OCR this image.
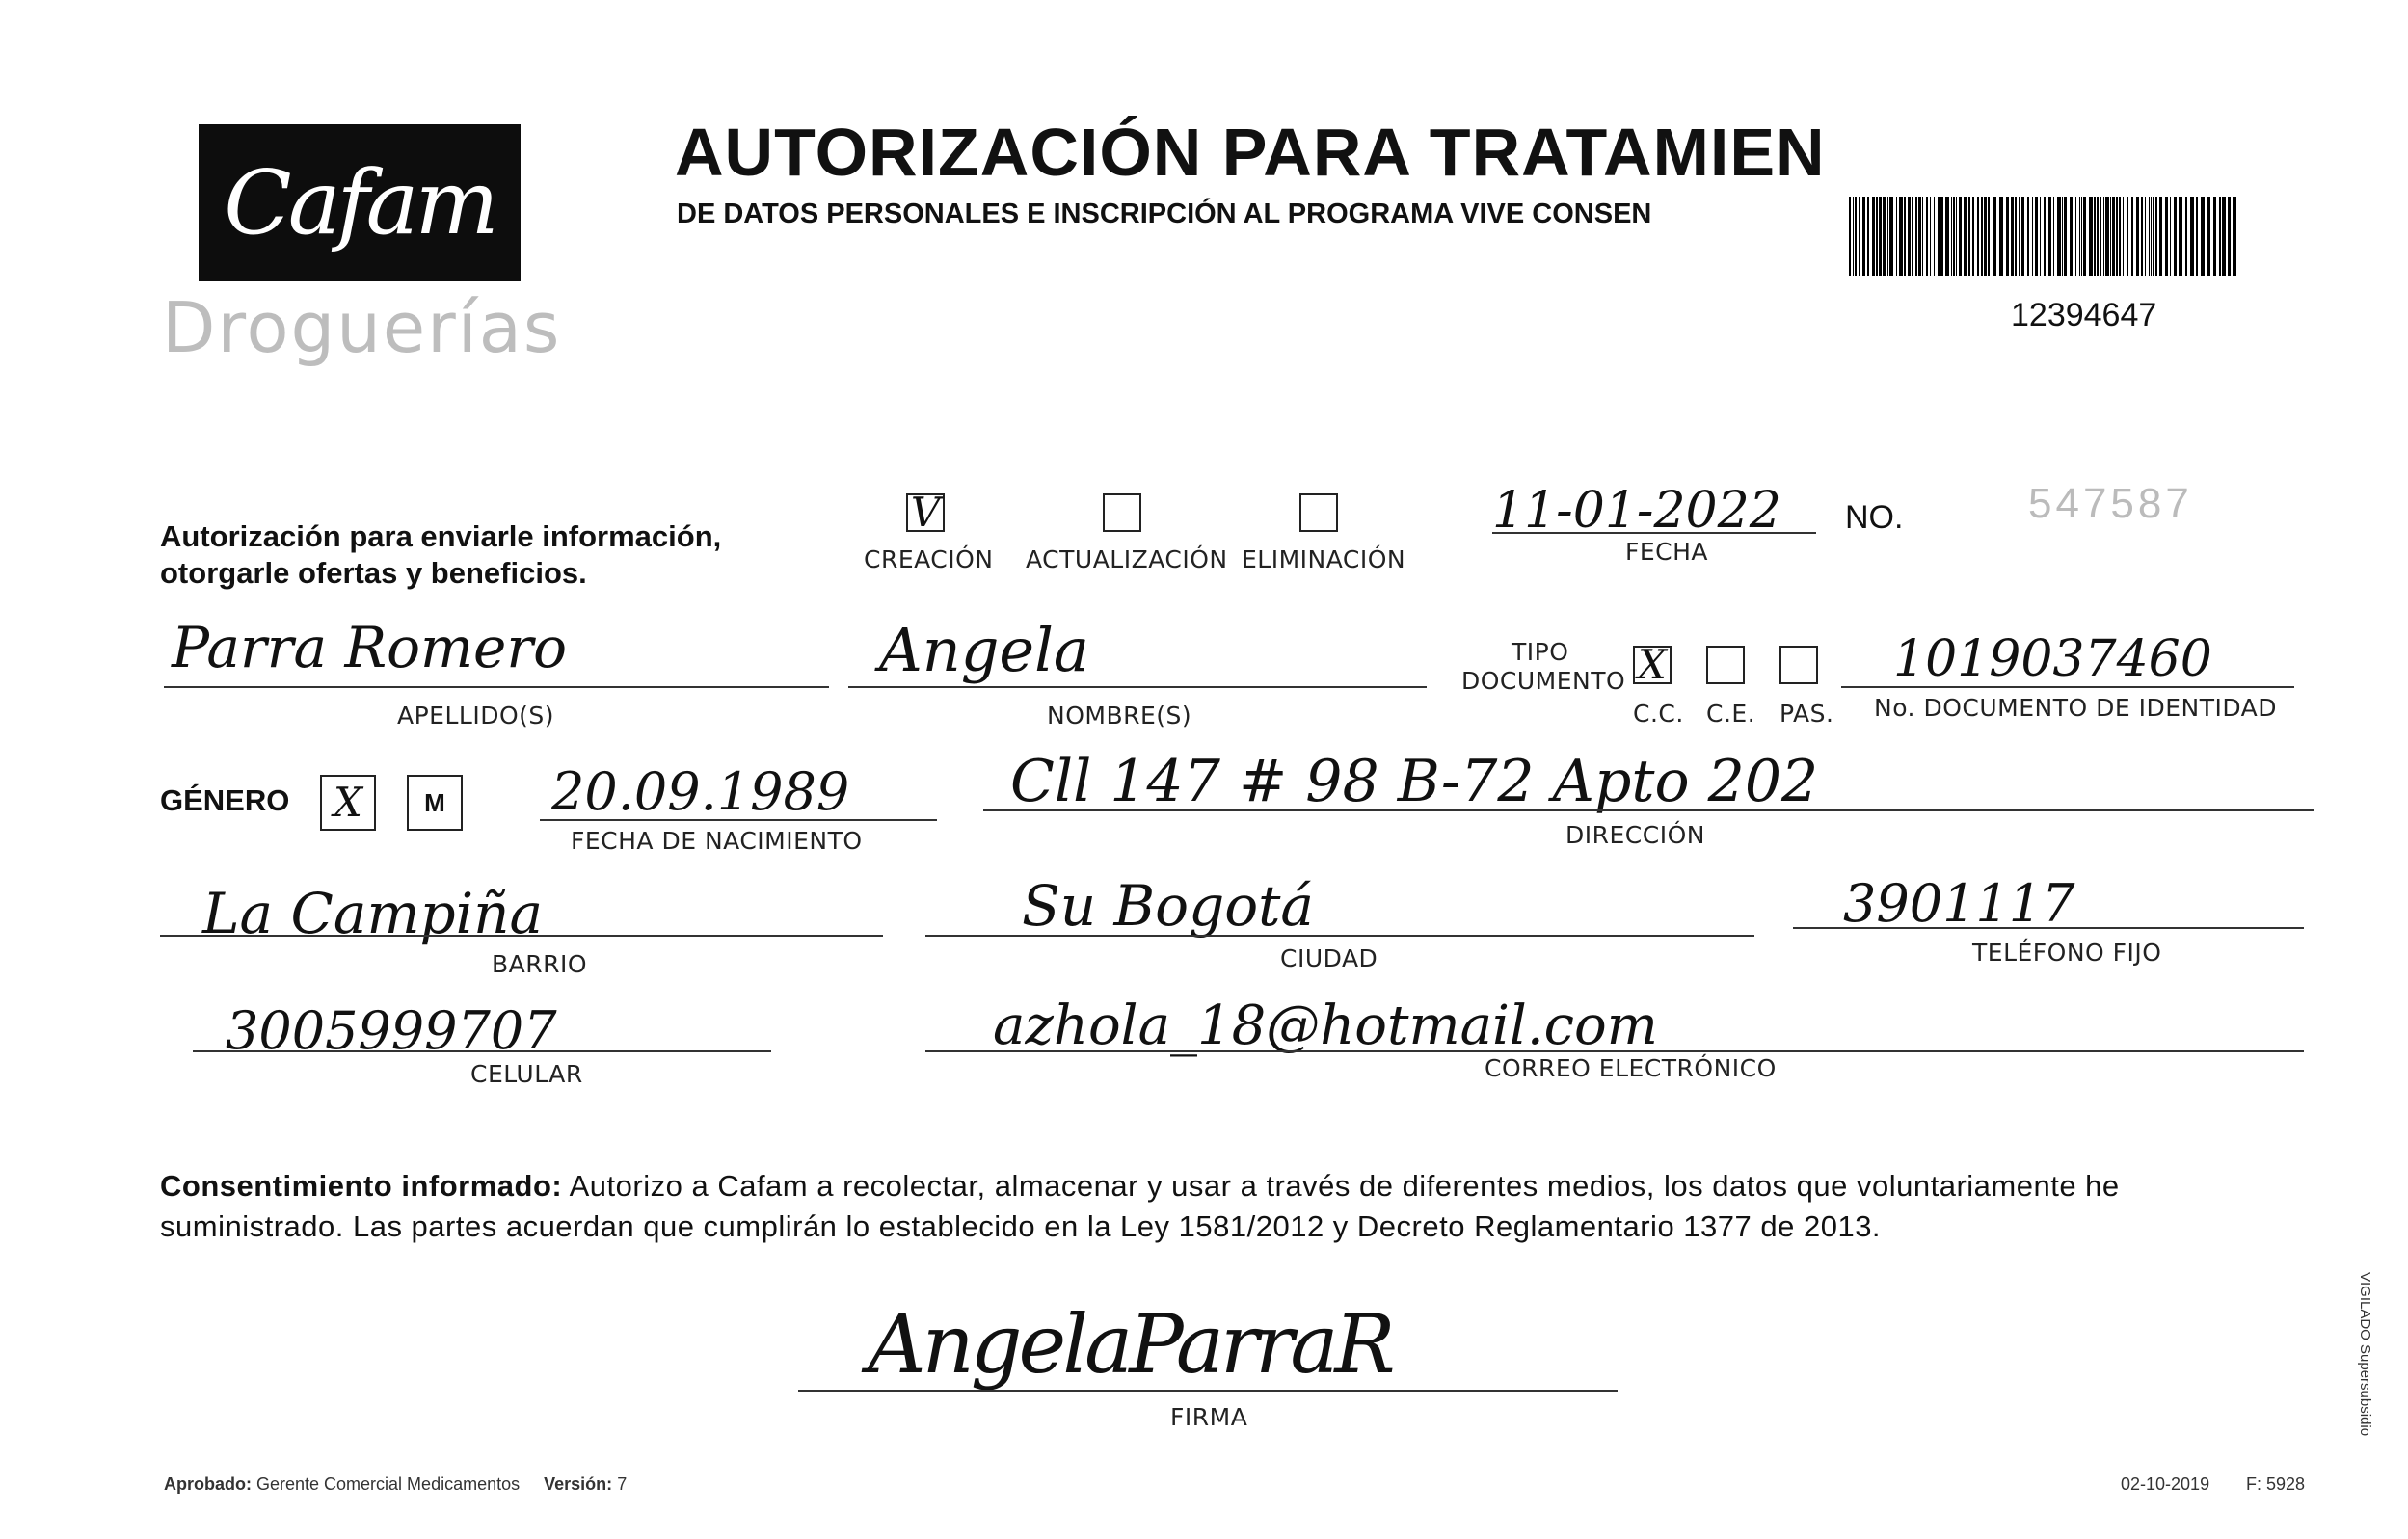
Cafam
Droguerías
AUTORIZACIÓN PARA TRATAMIEN
DE DATOS PERSONALES E INSCRIPCIÓN AL PROGRAMA VIVE CONSEN
12394647
Autorización para enviarle información,
otorgarle ofertas y beneficios.
V
CREACIÓN ACTUALIZACIÓN ELIMINACIÓN
11-01-2022
FECHA
NO.	547587
Parra Romero
APELLIDO(S)
Angela
NOMBRE(S)
TIPO
DOCUMENTO X
C.C. C.E. PAS.
1019037460
No. DOCUMENTO DE IDENTIDAD
GÉNERO X M 20.09.1989
FECHA DE NACIMIENTO
Cll 147 # 98 B-72 Apto 202
DIRECCIÓN
La Campiña
BARRIO
Su Bogotá
CIUDAD
3901117
TELÉFONO FIJO
3005999707
CELULAR
azhola_18@hotmail.com
CORREO ELECTRÓNICO
Consentimiento informado: Autorizo a Cafam a recolectar, almacenar y usar a través de diferentes medios, los datos que voluntariamente he suministrado. Las partes acuerdan que cumplirán lo establecido en la Ley 1581/2012 y Decreto Reglamentario 1377 de 2013.
AngelaParraR
FIRMA
Aprobado: Gerente Comercial Medicamentos Versión: 7	02-10-2019 F: 5928
VIGILADO Supersubsidio
